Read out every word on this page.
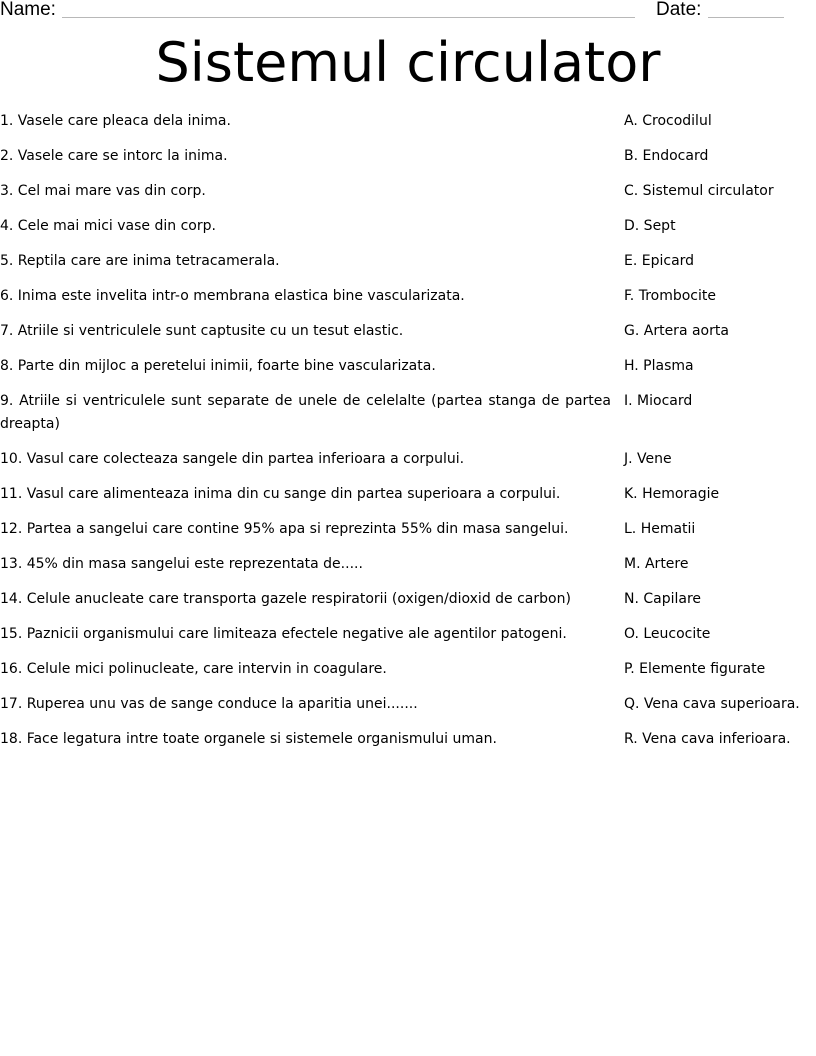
Name:	Date:
Sistemul circulator
1. Vasele care pleaca dela inima.	A. Crocodilul
2. Vasele care se intorc la inima.	B. Endocard
3. Cel mai mare vas din corp.	C. Sistemul circulator
4. Cele mai mici vase din corp.	D. Sept
5. Reptila care are inima tetracamerala.	E. Epicard
6. Inima este invelita intr-o membrana elastica bine vascularizata.	F. Trombocite
7. Atriile si ventriculele sunt captusite cu un tesut elastic.	G. Artera aorta
8. Parte din mijloc a peretelui inimii, foarte bine vascularizata.	H. Plasma
9. Atriile si ventriculele sunt separate de unele de celelalte (partea stanga de partea dreapta)
I. Miocard
10. Vasul care colecteaza sangele din partea inferioara a corpului.	J. Vene
11. Vasul care alimenteaza inima din cu sange din partea superioara a corpului.	K. Hemoragie
12. Partea a sangelui care contine 95% apa si reprezinta 55% din masa sangelui.	L. Hematii
13. 45% din masa sangelui este reprezentata de.....	M. Artere
14. Celule anucleate care transporta gazele respiratorii (oxigen/dioxid de carbon)	N. Capilare
15. Paznicii organismului care limiteaza efectele negative ale agentilor patogeni.	O. Leucocite
16. Celule mici polinucleate, care intervin in coagulare.	P. Elemente figurate
17. Ruperea unu vas de sange conduce la aparitia unei.......	Q. Vena cava superioara.
18. Face legatura intre toate organele si sistemele organismului uman.	R. Vena cava inferioara.
